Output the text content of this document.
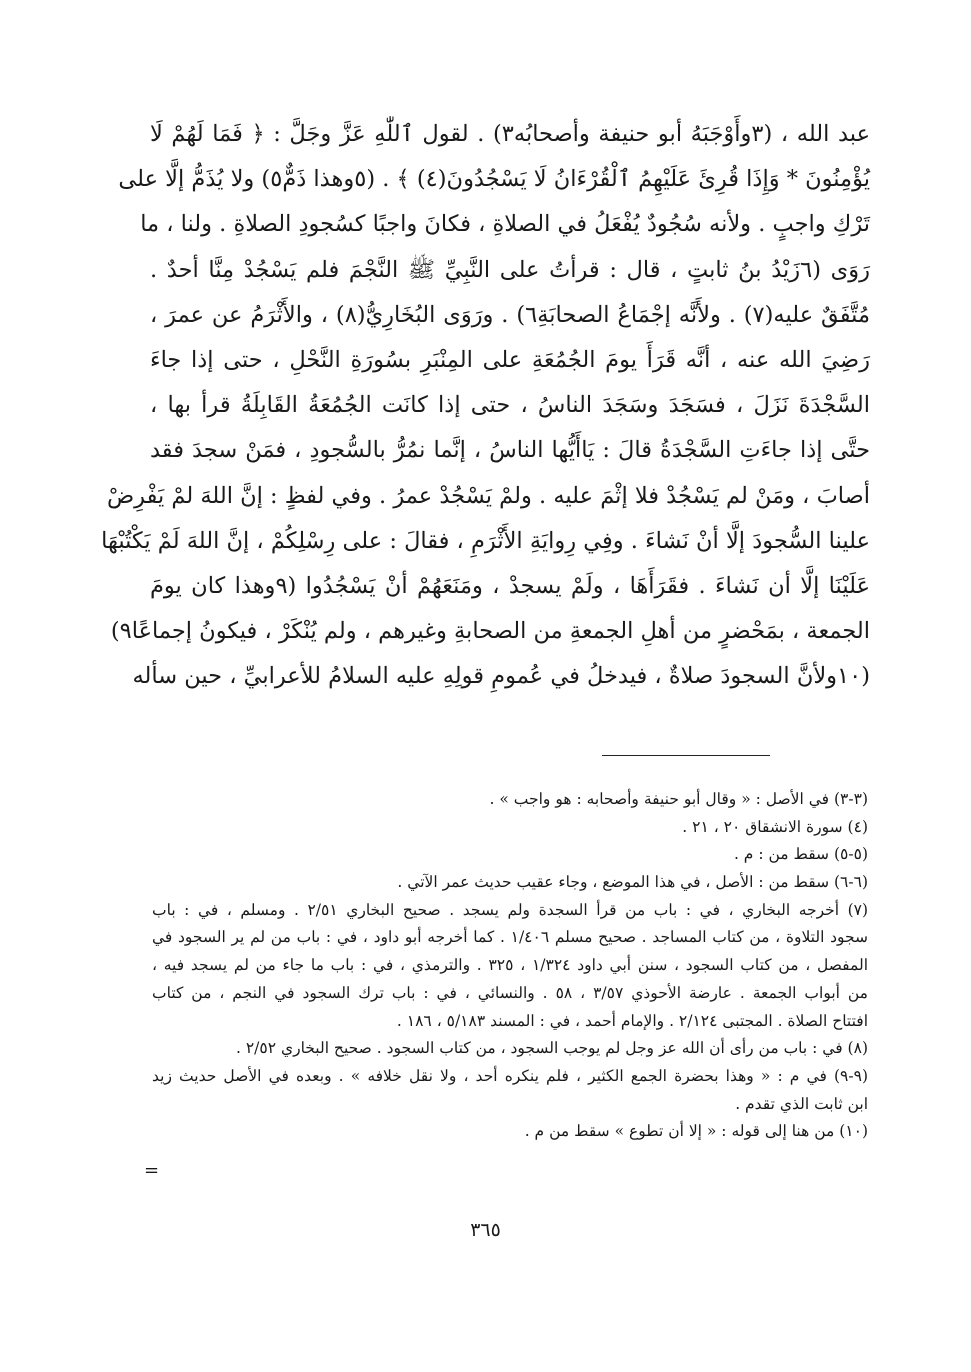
عبد الله ، (٣وأَوْجَبَهُ أبو حنيفة وأصحابُه٣) . لقول ٱللّٰهِ عَزَّ وجَلَّ : ﴿ فَمَا لَهُمْ لَا
يُؤْمِنُونَ * وَإِذَا قُرِئَ عَلَيْهِمُ ٱلْقُرْءَانُ لَا يَسْجُدُونَ(٤) ﴾ . (٥وهذا ذَمٌّ٥) ولا يُذَمُّ إلَّا على
تَرْكِ واجبٍ . ولأنه سُجُودٌ يُفْعَلُ في الصلاةِ ، فكانَ واجبًا كسُجودِ الصلاةِ . ولنا ، ما
رَوَى (٦زَيْدُ بنُ ثابتٍ ، قال : قرأتُ على النَّبِيِّ ﷺ النَّجْمَ فلم يَسْجُدْ مِنَّا أحدٌ .
مُتَّفَقٌ عليه(٧) . ولأَنَّه إجْمَاعُ الصحابَةِ٦) . ورَوَى البُخَارِيُّ(٨) ، والأَثْرَمُ عن عمرَ ،
رَضِيَ الله عنه ، أنَّه قَرَأَ يومَ الجُمُعَةِ على المِنْبَرِ بسُورَةِ النَّحْلِ ، حتى إذا جاءَ
السَّجْدَةَ نَزَلَ ، فسَجَدَ وسَجَدَ الناسُ ، حتى إذا كانَت الجُمُعَةُ القَابِلَةُ قرأ بها ،
حتَّى إذا جاءَتِ السَّجْدَةُ قالَ : يَاأَيُّها الناسُ ، إنَّما نمُرُّ بالسُّجودِ ، فمَنْ سجدَ فقد
أصابَ ، ومَنْ لم يَسْجُدْ فلا إثْمَ عليه . ولمْ يَسْجُدْ عمرُ . وفي لفظٍ : إنَّ اللهَ لمْ يَفْرِضْ
علينا السُّجودَ إلَّا أنْ نَشاءَ . وفِي رِوايَةِ الأَثْرَمِ ، فقالَ : على رِسْلِكُمْ ، إنَّ اللهَ لَمْ يَكْتُبْهَا
عَلَيْنَا إلَّا أن نَشاءَ . فقَرَأَهَا ، ولَمْ يسجدْ ، ومَنَعَهُمْ أنْ يَسْجُدُوا (٩وهذا كان يومَ
الجمعة ، بمَحْضرٍ من أهلِ الجمعةِ من الصحابةِ وغيرهم ، ولم يُنْكَرْ ، فيكونُ إجماعًا٩)
(١٠ولأنَّ السجودَ صلاةٌ ، فيدخلُ في عُمومِ قولِهِ عليه السلامُ للأعرابيِّ ، حين سأله
(٣-٣) في الأصل : « وقال أبو حنيفة وأصحابه : هو واجب » .
(٤) سورة الانشقاق ٢٠ ، ٢١ .
(٥-٥) سقط من : م .
(٦-٦) سقط من : الأصل ، في هذا الموضع ، وجاء عقيب حديث عمر الآتي .
(٧) أخرجه البخاري ، في : باب من قرأ السجدة ولم يسجد . صحيح البخاري ٢/٥١ . ومسلم ، في : باب
سجود التلاوة ، من كتاب المساجد . صحيح مسلم ١/٤٠٦ . كما أخرجه أبو داود ، في : باب من لم ير السجود في
المفصل ، من كتاب السجود ، سنن أبي داود ١/٣٢٤ ، ٣٢٥ . والترمذي ، في : باب ما جاء من لم يسجد فيه ،
من أبواب الجمعة . عارضة الأحوذي ٣/٥٧ ، ٥٨ . والنسائي ، في : باب ترك السجود في النجم ، من كتاب
افتتاح الصلاة . المجتبى ٢/١٢٤ . والإمام أحمد ، في : المسند ٥/١٨٣ ، ١٨٦ .
(٨) في : باب من رأى أن الله عز وجل لم يوجب السجود ، من كتاب السجود . صحيح البخاري ٢/٥٢ .
(٩-٩) في م : « وهذا بحضرة الجمع الكثير ، فلم ينكره أحد ، ولا نقل خلافه » . وبعده في الأصل حديث زيد
ابن ثابت الذي تقدم .
(١٠) من هنا إلى قوله : « إلا أن تطوع » سقط من م .
=
٣٦٥
